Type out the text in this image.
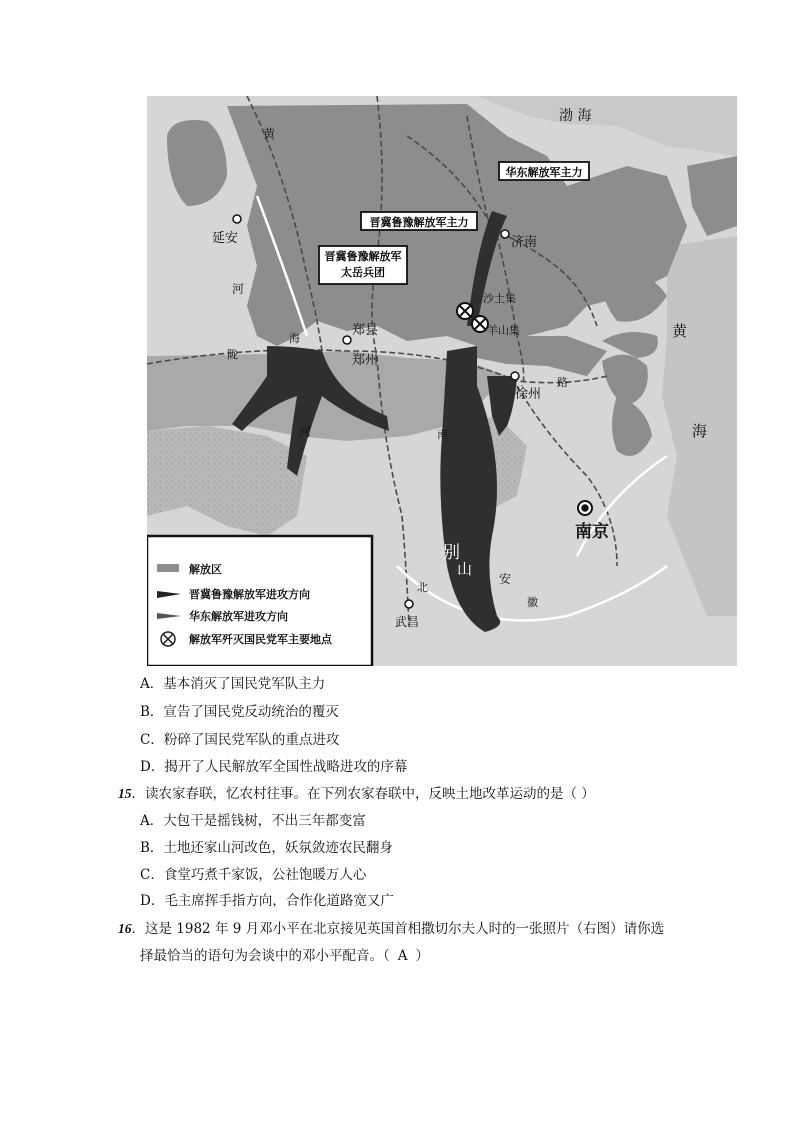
华东解放军主力
晋冀鲁豫解放军主力
晋冀鲁豫解放军
太岳兵团
渤 海
黄
海
延安	济南
郑县
郑州
徐州
南京
武昌
沙土集
羊山集
别
山
河
河
黄
陇
海
路
南
安
北
徽
解放区
晋冀鲁豫解放军进攻方向
华东解放军进攻方向
解放军歼灭国民党军主要地点
A．基本消灭了国民党军队主力
B．宣告了国民党反动统治的覆灭
C．粉碎了国民党军队的重点进攻
D．揭开了人民解放军全国性战略进攻的序幕
15．读农家春联，忆农村往事。在下列农家春联中，反映土地改革运动的是（ ）
A．大包干是摇钱树，不出三年都变富
B．土地还家山河改色，妖氛敛迹农民翻身
C．食堂巧煮千家饭，公社饱暖万人心
D．毛主席挥手指方向，合作化道路宽又广
16．这是 1982 年 9 月邓小平在北京接见英国首相撒切尔夫人时的一张照片（右图）请你选
择最恰当的语句为会谈中的邓小平配音。（ A ）
